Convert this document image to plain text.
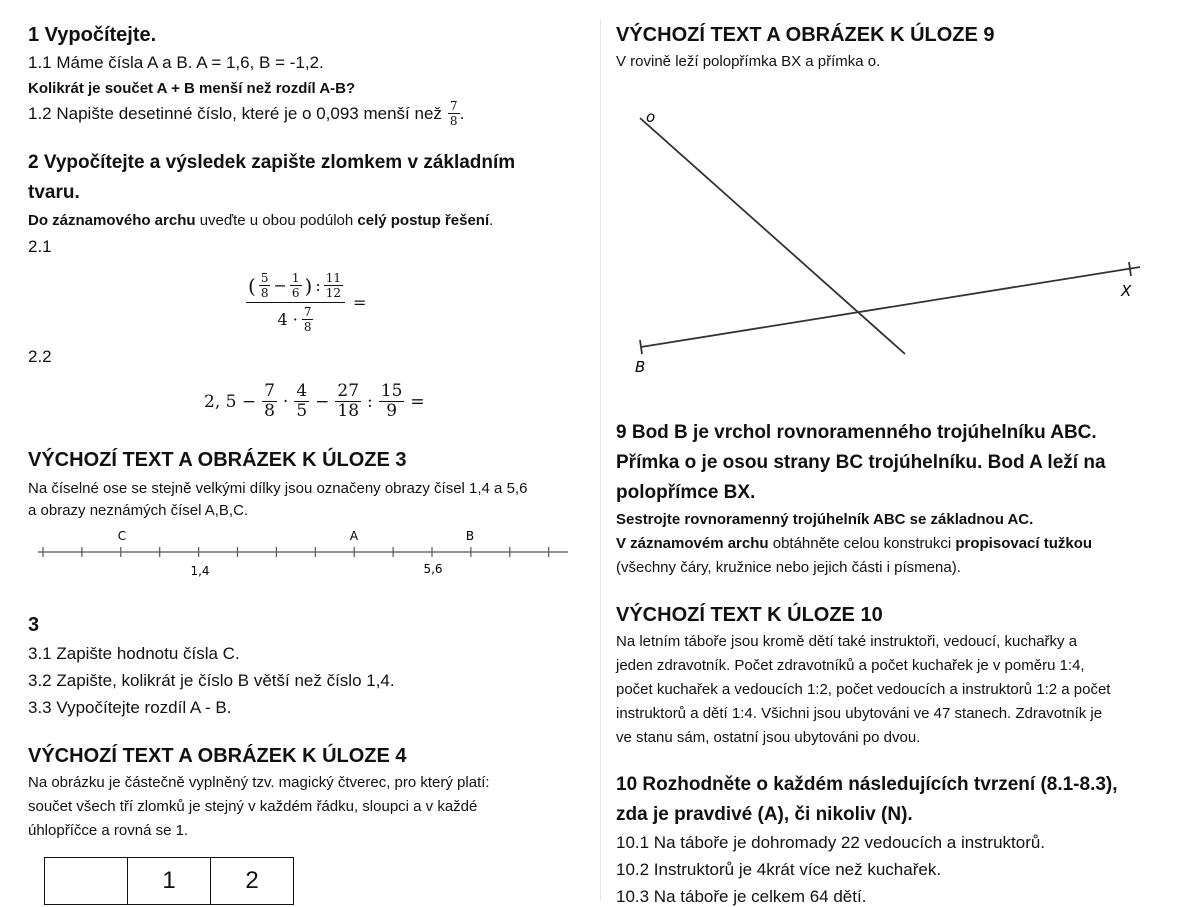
1 Vypočítejte.
1.1 Máme čísla A a B. A = 1,6, B = -1,2.
Kolikrát je součet A + B menší než rozdíl A-B?
1.2 Napište desetinné číslo, které je o 0,093 menší než $\frac{7}{8}$ .
2 Vypočítejte a výsledek zapište zlomkem v základním
tvaru.
Do záznamového archu uveďte u obou podúloh celý postup řešení.
2.1
( $\frac{5}{8} - \frac{1}{6}$ ) : $\frac{11}{12}$
$4 \cdot \frac{7}{8}$
=
2.2
2, $5 - \frac{7}{8} \cdot \frac{4}{5} - \frac{27}{18}$ : $\frac{15}{9}$ =
VÝCHOZÍ TEXT A OBRÁZEK K ÚLOZE 3
Na číselné ose se stejně velkými dílky jsou označeny obrazy čísel 1,4 a 5,6
a obrazy neznámých čísel A,B,C.
C	A	B
1,4	5,6
3
3.1 Zapište hodnotu čísla C.
3.2 Zapište, kolikrát je číslo B větší než číslo 1,4.
3.3 Vypočítejte rozdíl A - B.
VÝCHOZÍ TEXT A OBRÁZEK K ÚLOZE 4
Na obrázku je částečně vyplněný tzv. magický čtverec, pro který platí:
součet všech tří zlomků je stejný v každém řádku, sloupci a v každé
úhlopříčce a rovná se 1.
	1	2
VÝCHOZÍ TEXT A OBRÁZEK K ÚLOZE 9
V rovině leží polopřímka BX a přímka o.
o
X
B
9 Bod B je vrchol rovnoramenného trojúhelníku ABC.
Přímka o je osou strany BC trojúhelníku. Bod A leží na
polopřímce BX.
Sestrojte rovnoramenný trojúhelník ABC se základnou AC.
V záznamovém archu obtáhněte celou konstrukci propisovací tužkou
(všechny čáry, kružnice nebo jejich části i písmena).
VÝCHOZÍ TEXT K ÚLOZE 10
Na letním táboře jsou kromě dětí také instruktoři, vedoucí, kuchařky a
jeden zdravotník. Počet zdravotníků a počet kuchařek je v poměru 1:4,
počet kuchařek a vedoucích 1:2, počet vedoucích a instruktorů 1:2 a počet
instruktorů a dětí 1:4. Všichni jsou ubytováni ve 47 stanech. Zdravotník je
ve stanu sám, ostatní jsou ubytováni po dvou.
10 Rozhodněte o každém následujících tvrzení (8.1-8.3),
zda je pravdivé (A), či nikoliv (N).
10.1 Na táboře je dohromady 22 vedoucích a instruktorů.
10.2 Instruktorů je 4krát více než kuchařek.
10.3 Na táboře je celkem 64 dětí.
